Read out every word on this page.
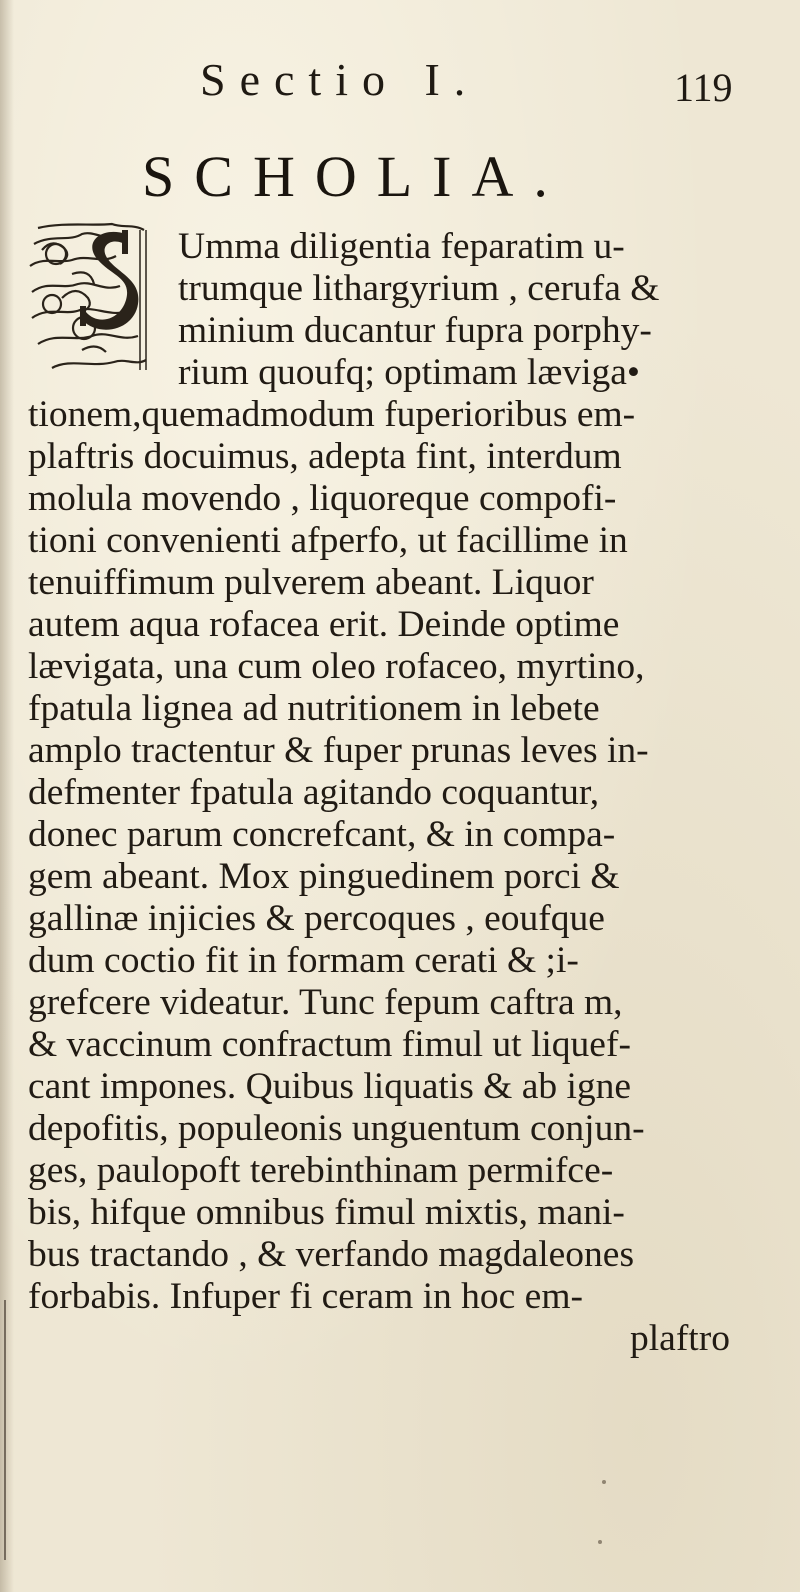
Sectio I.	119
SCHOLIA.
Umma diligentia feparatim u-
trumque lithargyrium , cerufa &
minium ducantur fupra porphy-
rium quoufq; optimam læviga•
tionem,quemadmodum fuperioribus em-
plaftris docuimus, adepta fint, interdum
molula movendo , liquoreque compofi-
tioni convenienti afperfo, ut facillime in
tenuiffimum pulverem abeant. Liquor
autem aqua rofacea erit. Deinde optime
lævigata, una cum oleo rofaceo, myrtino,
fpatula lignea ad nutritionem in lebete
amplo tractentur & fuper prunas leves in-
defmenter fpatula agitando coquantur,
donec parum concrefcant, & in compa-
gem abeant. Mox pinguedinem porci &
gallinæ injicies & percoques , eoufque
dum coctio fit in formam cerati & ;i-
grefcere videatur. Tunc fepum caftra m,
& vaccinum confractum fimul ut liquef-
cant impones. Quibus liquatis & ab igne
depofitis, populeonis unguentum conjun-
ges, paulopoft terebinthinam permifce-
bis, hifque omnibus fimul mixtis, mani-
bus tractando , & verfando magdaleones
forbabis. Infuper fi ceram in hoc em-
plaftro
